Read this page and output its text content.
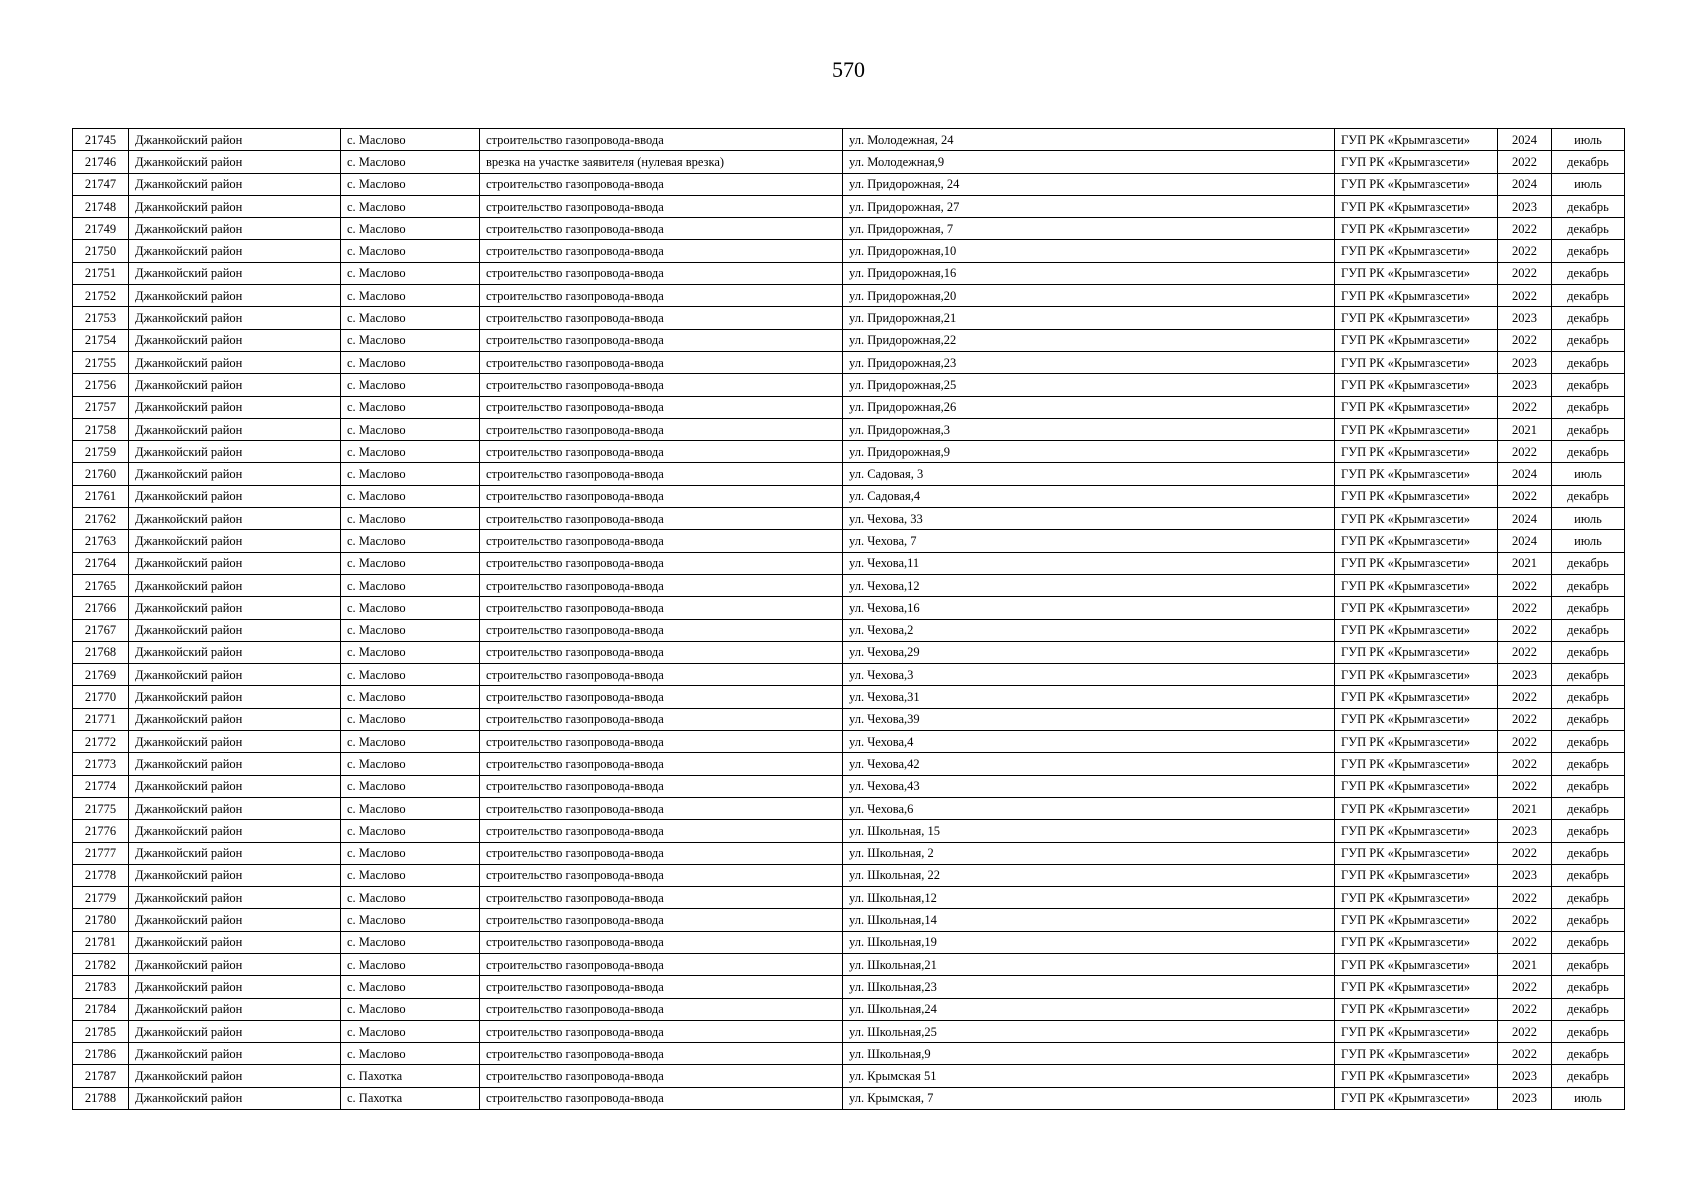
570
21745	Джанкойский район	с. Маслово	строительство газопровода-ввода	ул. Молодежная, 24	ГУП РК «Крымгазсети»	2024	июль
21746	Джанкойский район	с. Маслово	врезка на участке заявителя (нулевая врезка)	ул. Молодежная,9	ГУП РК «Крымгазсети»	2022	декабрь
21747	Джанкойский район	с. Маслово	строительство газопровода-ввода	ул. Придорожная, 24	ГУП РК «Крымгазсети»	2024	июль
21748	Джанкойский район	с. Маслово	строительство газопровода-ввода	ул. Придорожная, 27	ГУП РК «Крымгазсети»	2023	декабрь
21749	Джанкойский район	с. Маслово	строительство газопровода-ввода	ул. Придорожная, 7	ГУП РК «Крымгазсети»	2022	декабрь
21750	Джанкойский район	с. Маслово	строительство газопровода-ввода	ул. Придорожная,10	ГУП РК «Крымгазсети»	2022	декабрь
21751	Джанкойский район	с. Маслово	строительство газопровода-ввода	ул. Придорожная,16	ГУП РК «Крымгазсети»	2022	декабрь
21752	Джанкойский район	с. Маслово	строительство газопровода-ввода	ул. Придорожная,20	ГУП РК «Крымгазсети»	2022	декабрь
21753	Джанкойский район	с. Маслово	строительство газопровода-ввода	ул. Придорожная,21	ГУП РК «Крымгазсети»	2023	декабрь
21754	Джанкойский район	с. Маслово	строительство газопровода-ввода	ул. Придорожная,22	ГУП РК «Крымгазсети»	2022	декабрь
21755	Джанкойский район	с. Маслово	строительство газопровода-ввода	ул. Придорожная,23	ГУП РК «Крымгазсети»	2023	декабрь
21756	Джанкойский район	с. Маслово	строительство газопровода-ввода	ул. Придорожная,25	ГУП РК «Крымгазсети»	2023	декабрь
21757	Джанкойский район	с. Маслово	строительство газопровода-ввода	ул. Придорожная,26	ГУП РК «Крымгазсети»	2022	декабрь
21758	Джанкойский район	с. Маслово	строительство газопровода-ввода	ул. Придорожная,3	ГУП РК «Крымгазсети»	2021	декабрь
21759	Джанкойский район	с. Маслово	строительство газопровода-ввода	ул. Придорожная,9	ГУП РК «Крымгазсети»	2022	декабрь
21760	Джанкойский район	с. Маслово	строительство газопровода-ввода	ул. Садовая, 3	ГУП РК «Крымгазсети»	2024	июль
21761	Джанкойский район	с. Маслово	строительство газопровода-ввода	ул. Садовая,4	ГУП РК «Крымгазсети»	2022	декабрь
21762	Джанкойский район	с. Маслово	строительство газопровода-ввода	ул. Чехова, 33	ГУП РК «Крымгазсети»	2024	июль
21763	Джанкойский район	с. Маслово	строительство газопровода-ввода	ул. Чехова, 7	ГУП РК «Крымгазсети»	2024	июль
21764	Джанкойский район	с. Маслово	строительство газопровода-ввода	ул. Чехова,11	ГУП РК «Крымгазсети»	2021	декабрь
21765	Джанкойский район	с. Маслово	строительство газопровода-ввода	ул. Чехова,12	ГУП РК «Крымгазсети»	2022	декабрь
21766	Джанкойский район	с. Маслово	строительство газопровода-ввода	ул. Чехова,16	ГУП РК «Крымгазсети»	2022	декабрь
21767	Джанкойский район	с. Маслово	строительство газопровода-ввода	ул. Чехова,2	ГУП РК «Крымгазсети»	2022	декабрь
21768	Джанкойский район	с. Маслово	строительство газопровода-ввода	ул. Чехова,29	ГУП РК «Крымгазсети»	2022	декабрь
21769	Джанкойский район	с. Маслово	строительство газопровода-ввода	ул. Чехова,3	ГУП РК «Крымгазсети»	2023	декабрь
21770	Джанкойский район	с. Маслово	строительство газопровода-ввода	ул. Чехова,31	ГУП РК «Крымгазсети»	2022	декабрь
21771	Джанкойский район	с. Маслово	строительство газопровода-ввода	ул. Чехова,39	ГУП РК «Крымгазсети»	2022	декабрь
21772	Джанкойский район	с. Маслово	строительство газопровода-ввода	ул. Чехова,4	ГУП РК «Крымгазсети»	2022	декабрь
21773	Джанкойский район	с. Маслово	строительство газопровода-ввода	ул. Чехова,42	ГУП РК «Крымгазсети»	2022	декабрь
21774	Джанкойский район	с. Маслово	строительство газопровода-ввода	ул. Чехова,43	ГУП РК «Крымгазсети»	2022	декабрь
21775	Джанкойский район	с. Маслово	строительство газопровода-ввода	ул. Чехова,6	ГУП РК «Крымгазсети»	2021	декабрь
21776	Джанкойский район	с. Маслово	строительство газопровода-ввода	ул. Школьная, 15	ГУП РК «Крымгазсети»	2023	декабрь
21777	Джанкойский район	с. Маслово	строительство газопровода-ввода	ул. Школьная, 2	ГУП РК «Крымгазсети»	2022	декабрь
21778	Джанкойский район	с. Маслово	строительство газопровода-ввода	ул. Школьная, 22	ГУП РК «Крымгазсети»	2023	декабрь
21779	Джанкойский район	с. Маслово	строительство газопровода-ввода	ул. Школьная,12	ГУП РК «Крымгазсети»	2022	декабрь
21780	Джанкойский район	с. Маслово	строительство газопровода-ввода	ул. Школьная,14	ГУП РК «Крымгазсети»	2022	декабрь
21781	Джанкойский район	с. Маслово	строительство газопровода-ввода	ул. Школьная,19	ГУП РК «Крымгазсети»	2022	декабрь
21782	Джанкойский район	с. Маслово	строительство газопровода-ввода	ул. Школьная,21	ГУП РК «Крымгазсети»	2021	декабрь
21783	Джанкойский район	с. Маслово	строительство газопровода-ввода	ул. Школьная,23	ГУП РК «Крымгазсети»	2022	декабрь
21784	Джанкойский район	с. Маслово	строительство газопровода-ввода	ул. Школьная,24	ГУП РК «Крымгазсети»	2022	декабрь
21785	Джанкойский район	с. Маслово	строительство газопровода-ввода	ул. Школьная,25	ГУП РК «Крымгазсети»	2022	декабрь
21786	Джанкойский район	с. Маслово	строительство газопровода-ввода	ул. Школьная,9	ГУП РК «Крымгазсети»	2022	декабрь
21787	Джанкойский район	с. Пахотка	строительство газопровода-ввода	ул. Крымская 51	ГУП РК «Крымгазсети»	2023	декабрь
21788	Джанкойский район	с. Пахотка	строительство газопровода-ввода	ул. Крымская, 7	ГУП РК «Крымгазсети»	2023	июль
